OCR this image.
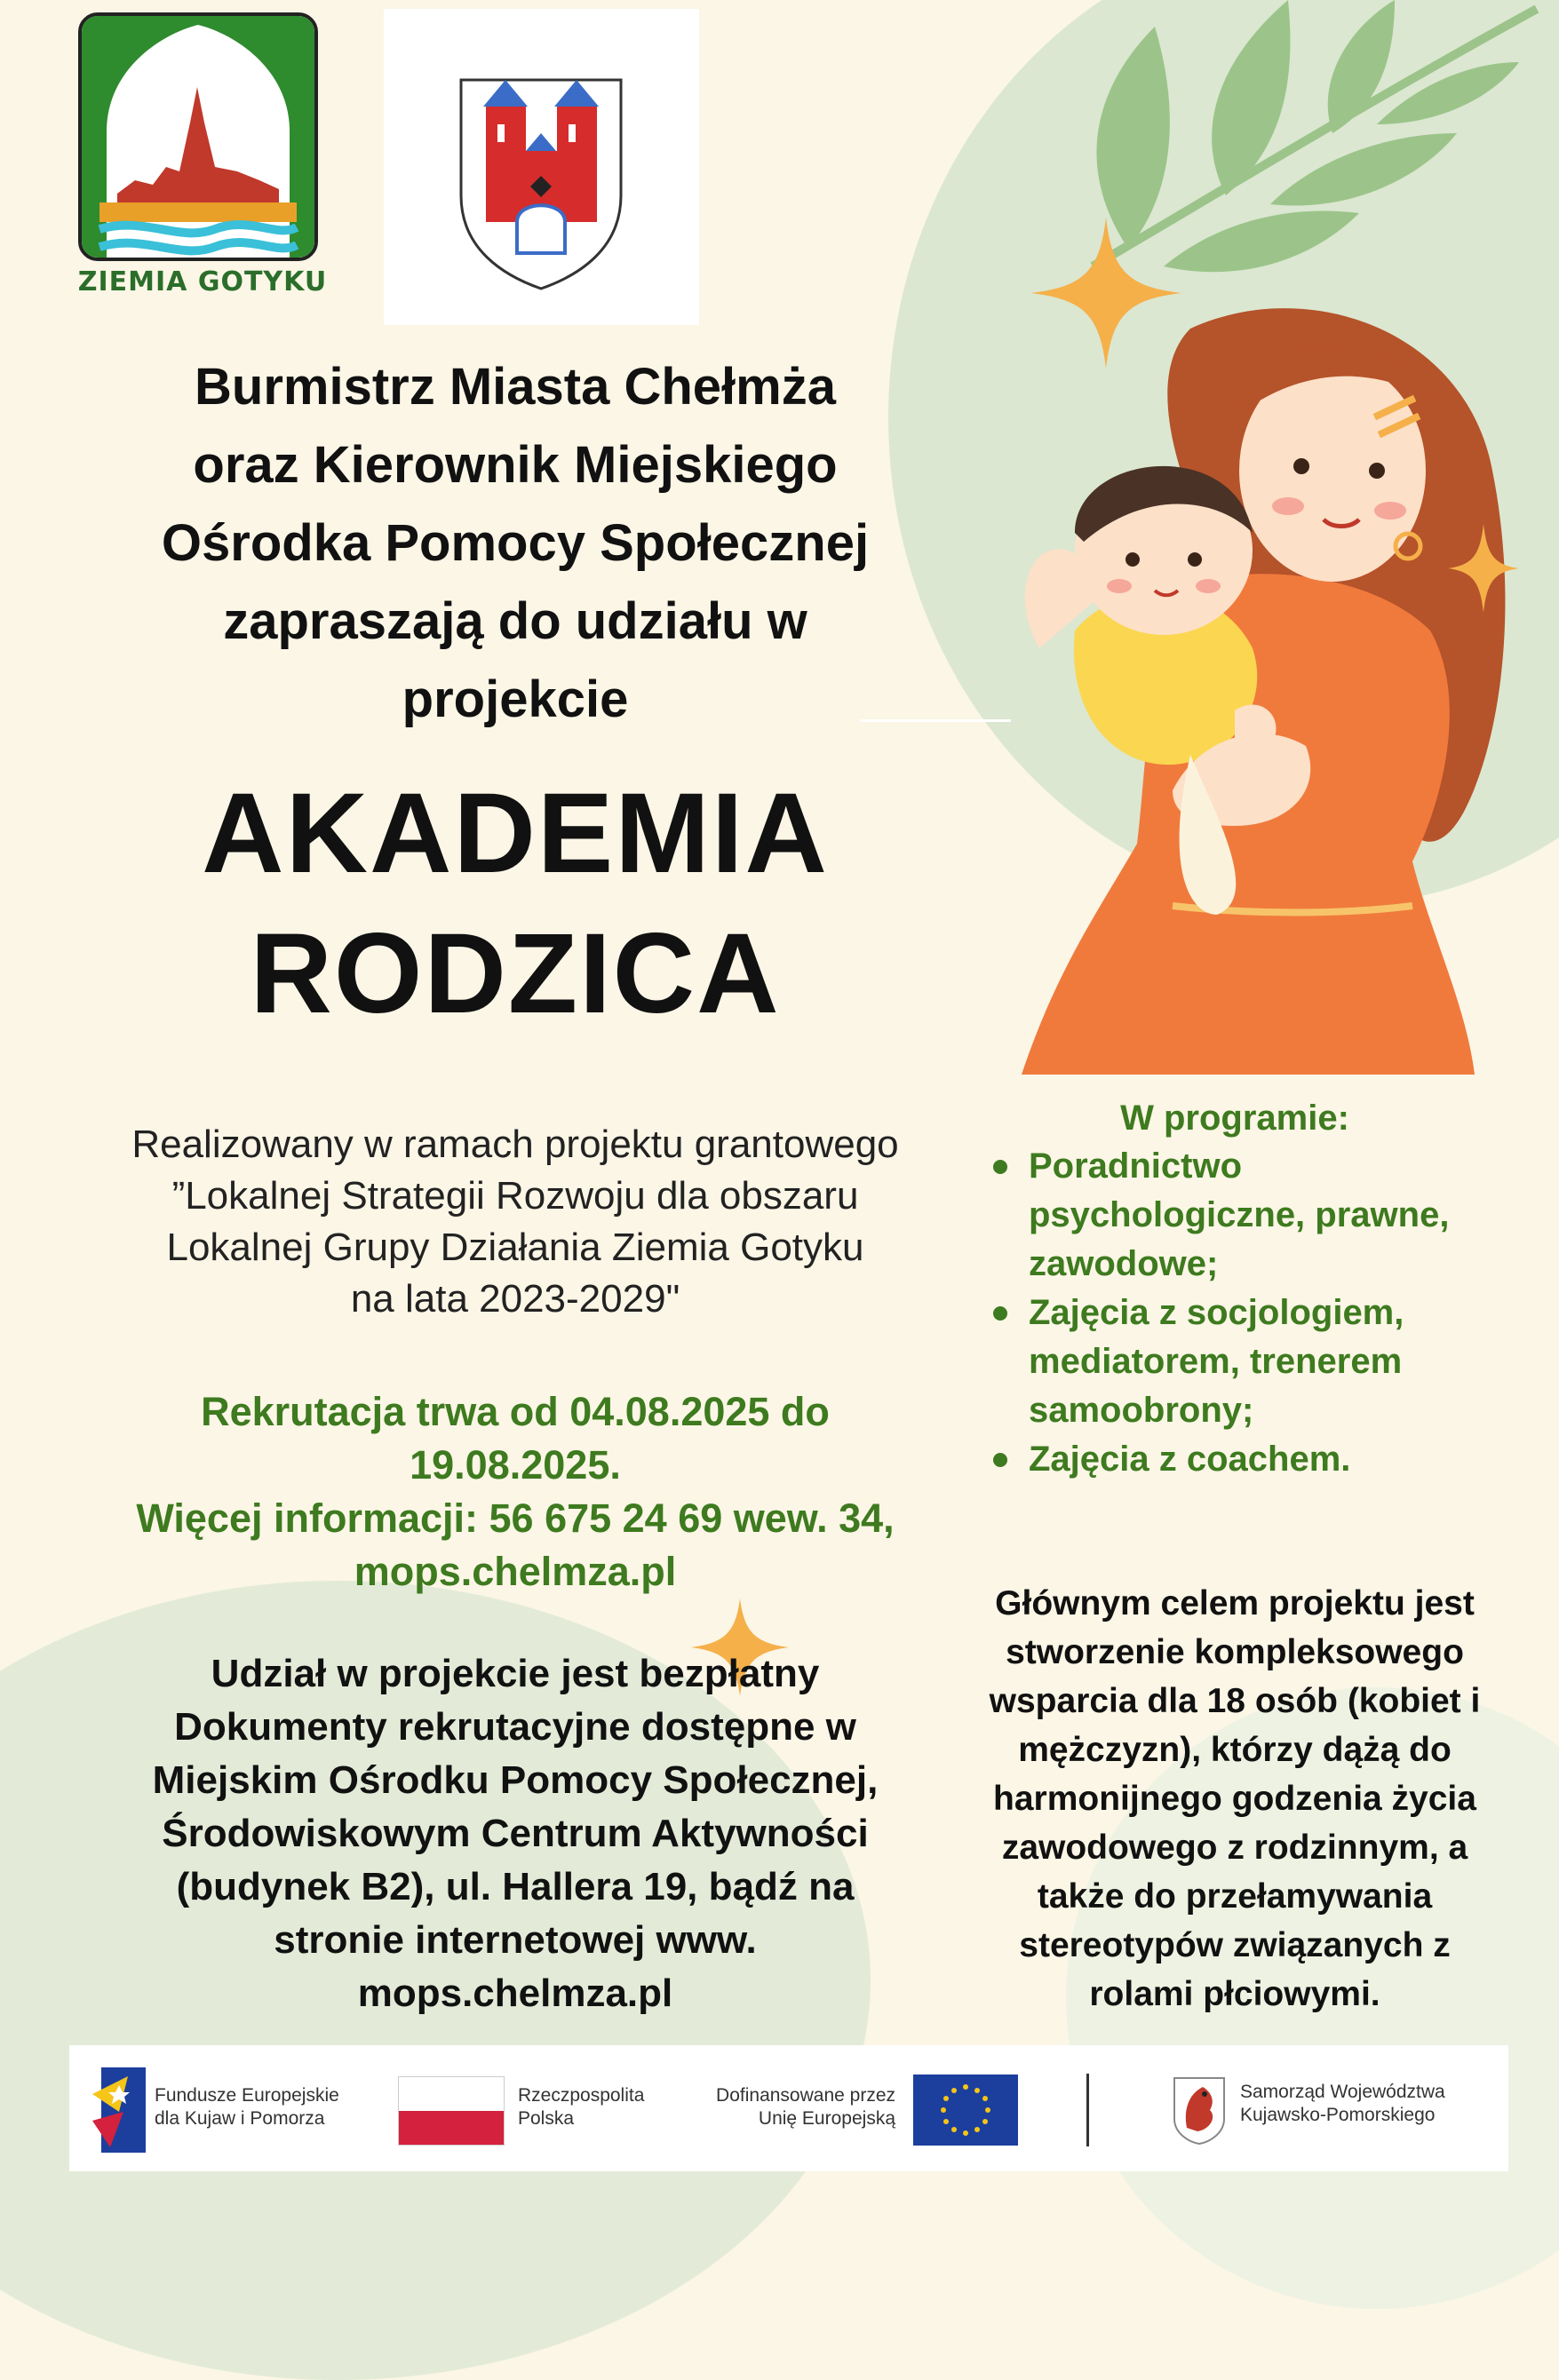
ZIEMIA GOTYKU
Burmistrz Miasta Chełmża
oraz Kierownik Miejskiego
Ośrodka Pomocy Społecznej
zapraszają do udziału w
projekcie
AKADEMIA
RODZICA
Realizowany w ramach projektu grantowego
”Lokalnej Strategii Rozwoju dla obszaru
Lokalnej Grupy Działania Ziemia Gotyku
na lata 2023-2029"
Rekrutacja trwa od 04.08.2025 do
19.08.2025.
Więcej informacji: 56 675 24 69 wew. 34,
mops.chelmza.pl
Udział w projekcie jest bezpłatny
Dokumenty rekrutacyjne dostępne w
Miejskim Ośrodku Pomocy Społecznej,
Środowiskowym Centrum Aktywności
(budynek B2), ul. Hallera 19, bądź na
stronie internetowej www.
mops.chelmza.pl
W programie:
Poradnictwo
psychologiczne, prawne,
zawodowe;
Zajęcia z socjologiem,
mediatorem, trenerem
samoobrony;
Zajęcia z coachem.
Głównym celem projektu jest
stworzenie kompleksowego
wsparcia dla 18 osób (kobiet i
mężczyzn), którzy dążą do
harmonijnego godzenia życia
zawodowego z rodzinnym, a
także do przełamywania
stereotypów związanych z
rolami płciowymi.
Fundusze Europejskie
dla Kujaw i Pomorza
Rzeczpospolita
Polska
Dofinansowane przez
Unię Europejską
Samorząd Województwa
Kujawsko-Pomorskiego
